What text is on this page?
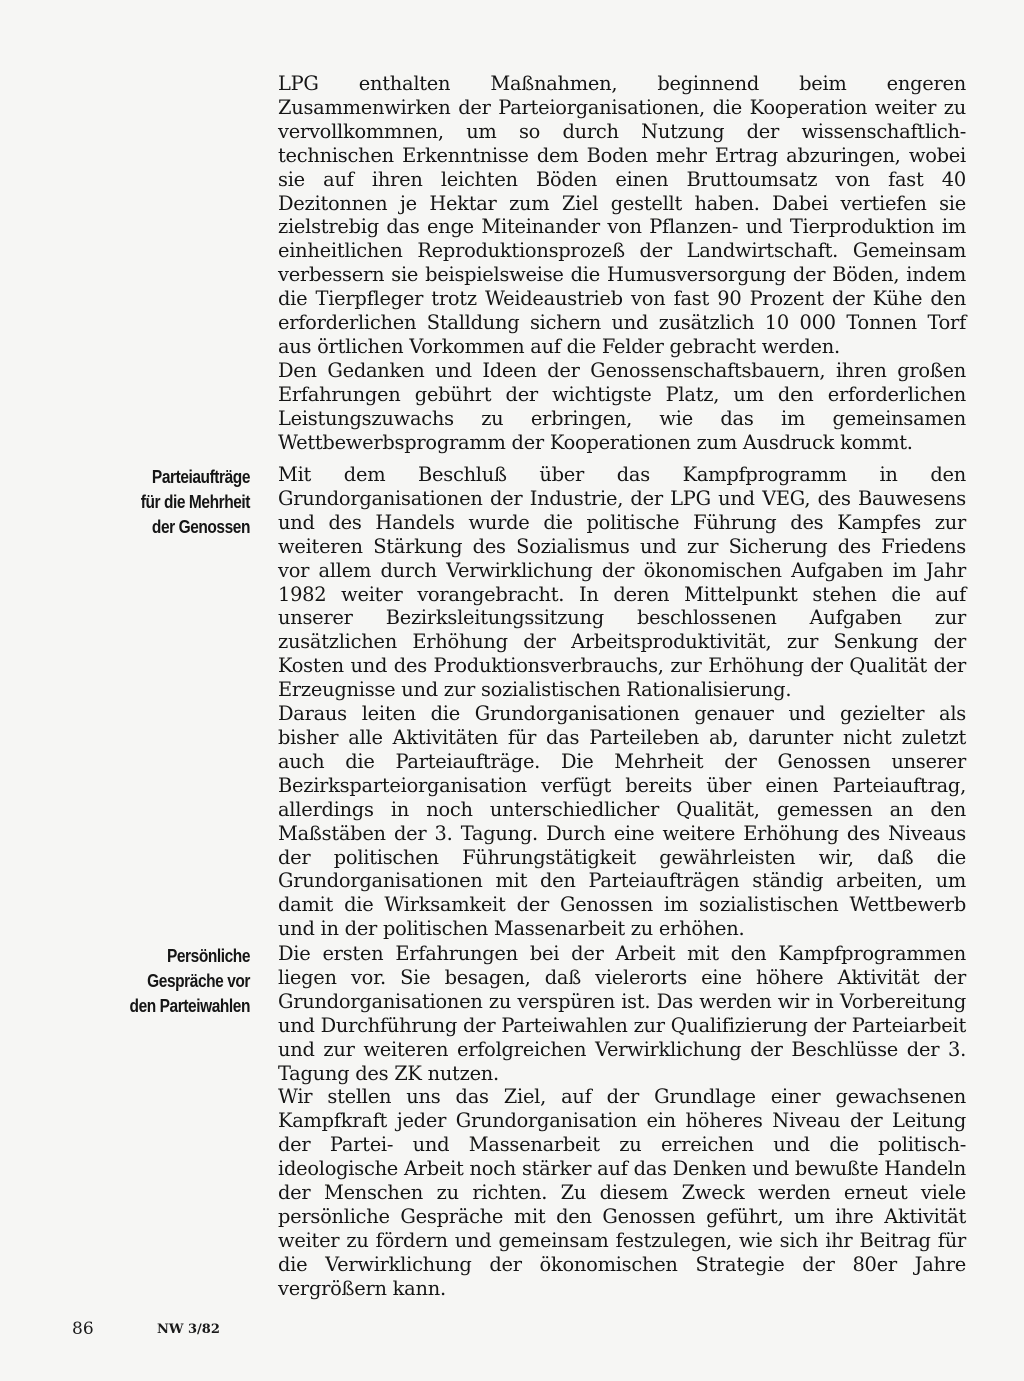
LPG enthalten Maßnahmen, beginnend beim engeren Zusammenwirken der Parteiorganisationen, die Kooperation weiter zu vervollkommnen, um so durch Nutzung der wissenschaftlich-technischen Erkenntnisse dem Boden mehr Ertrag abzuringen, wobei sie auf ihren leichten Böden einen Bruttoumsatz von fast 40 Dezitonnen je Hektar zum Ziel gestellt haben. Dabei vertiefen sie zielstrebig das enge Miteinander von Pflanzen- und Tierproduktion im einheitlichen Reproduktionsprozeß der Landwirtschaft. Gemeinsam verbessern sie beispielsweise die Humusversorgung der Böden, indem die Tierpfleger trotz Weideaustrieb von fast 90 Prozent der Kühe den erforderlichen Stalldung sichern und zusätzlich 10 000 Tonnen Torf aus örtlichen Vorkommen auf die Felder gebracht werden.

Den Gedanken und Ideen der Genossenschaftsbauern, ihren großen Erfahrungen gebührt der wichtigste Platz, um den erforderlichen Leistungszuwachs zu erbringen, wie das im gemeinsamen Wettbewerbsprogramm der Kooperationen zum Ausdruck kommt.

Parteiaufträge
für die Mehrheit
der Genossen

Mit dem Beschluß über das Kampfprogramm in den Grundorganisationen der Industrie, der LPG und VEG, des Bauwesens und des Handels wurde die politische Führung des Kampfes zur weiteren Stärkung des Sozialismus und zur Sicherung des Friedens vor allem durch Verwirklichung der ökonomischen Aufgaben im Jahr 1982 weiter vorangebracht. In deren Mittelpunkt stehen die auf unserer Bezirksleitungssitzung beschlossenen Aufgaben zur zusätzlichen Erhöhung der Arbeitsproduktivität, zur Senkung der Kosten und des Produktionsverbrauchs, zur Erhöhung der Qualität der Erzeugnisse und zur sozialistischen Rationalisierung.

Daraus leiten die Grundorganisationen genauer und gezielter als bisher alle Aktivitäten für das Parteileben ab, darunter nicht zuletzt auch die Parteiaufträge. Die Mehrheit der Genossen unserer Bezirksparteiorganisation verfügt bereits über einen Parteiauftrag, allerdings in noch unterschiedlicher Qualität, gemessen an den Maßstäben der 3. Tagung. Durch eine weitere Erhöhung des Niveaus der politischen Führungstätigkeit gewährleisten wir, daß die Grundorganisationen mit den Parteiaufträgen ständig arbeiten, um damit die Wirksamkeit der Genossen im sozialistischen Wettbewerb und in der politischen Massenarbeit zu erhöhen.

Persönliche
Gespräche vor
den Parteiwahlen

Die ersten Erfahrungen bei der Arbeit mit den Kampfprogrammen liegen vor. Sie besagen, daß vielerorts eine höhere Aktivität der Grundorganisationen zu verspüren ist. Das werden wir in Vorbereitung und Durchführung der Parteiwahlen zur Qualifizierung der Parteiarbeit und zur weiteren erfolgreichen Verwirklichung der Beschlüsse der 3. Tagung des ZK nutzen.

Wir stellen uns das Ziel, auf der Grundlage einer gewachsenen Kampfkraft jeder Grundorganisation ein höheres Niveau der Leitung der Partei- und Massenarbeit zu erreichen und die politisch-ideologische Arbeit noch stärker auf das Denken und bewußte Handeln der Menschen zu richten. Zu diesem Zweck werden erneut viele persönliche Gespräche mit den Genossen geführt, um ihre Aktivität weiter zu fördern und gemeinsam festzulegen, wie sich ihr Beitrag für die Verwirklichung der ökonomischen Strategie der 80er Jahre vergrößern kann.

86	NW 3/82
